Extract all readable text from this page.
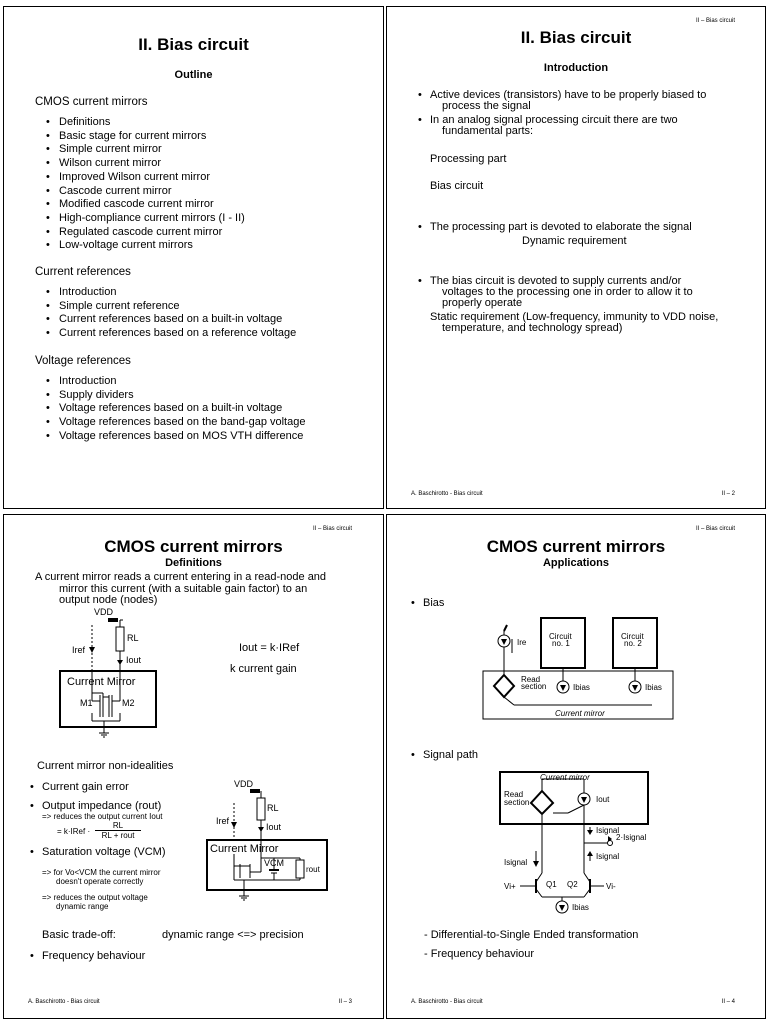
II. Bias circuit
Outline
CMOS current mirrors
• Definitions
• Basic stage for current mirrors
• Simple current mirror
• Wilson current mirror
• Improved Wilson current mirror
• Cascode current mirror
• Modified cascode current mirror
• High-compliance current mirrors (I - II)
• Regulated cascode current mirror
• Low-voltage current mirrors
Current references
• Introduction
• Simple current reference
• Current references based on a built-in voltage
• Current references based on a reference voltage
Voltage references
• Introduction
• Supply dividers
• Voltage references based on a built-in voltage
• Voltage references based on the band-gap voltage
• Voltage references based on MOS VTH difference
II – Bias circuit
II. Bias circuit
Introduction
• Active devices (transistors) have to be properly biased to
process the signal
• In an analog signal processing circuit there are two
fundamental parts:
Processing part
Bias circuit
• The processing part is devoted to elaborate the signal
Dynamic requirement
• The bias circuit is devoted to supply currents and/or
voltages to the processing one in order to allow it to
properly operate
Static requirement (Low-frequency, immunity to VDD noise,
temperature, and technology spread)
A. Baschirotto - Bias circuit	II – 2
II – Bias circuit
CMOS current mirrors
Definitions
A current mirror reads a current entering in a read-node and
mirror this current (with a suitable gain factor) to an
output node (nodes)
VDD
RL
Iref
Iout
Current Mirror
M1	M2
Iout = k·IRef
k current gain
Current mirror non-idealities
• Current gain error
• Output impedance (rout)
=> reduces the output current Iout
= k·IRef ·
RL
RL + rout
• Saturation voltage (VCM)
=> for Vo<VCM the current mirror
doesn't operate correctly
=> reduces the output voltage
dynamic range
VDD
RL
Iout
Iref
Current Mirror
VCM
rout
Basic trade-off:	dynamic range <=> precision
• Frequency behaviour
A. Baschirotto - Bias circuit	II – 3
II – Bias circuit
CMOS current mirrors
Applications
• Bias
Circuit
no. 1
Circuit
no. 2
Ire
Read
section	Ibias	Ibias
Current mirror
• Signal path
Current mirror
Read
section	Iout
Isignal
2·Isignal
Isignal
Isignal
Q1
Vi+	Q2	Vi-
Ibias
- Differential-to-Single Ended transformation
- Frequency behaviour
A. Baschirotto - Bias circuit	II – 4
